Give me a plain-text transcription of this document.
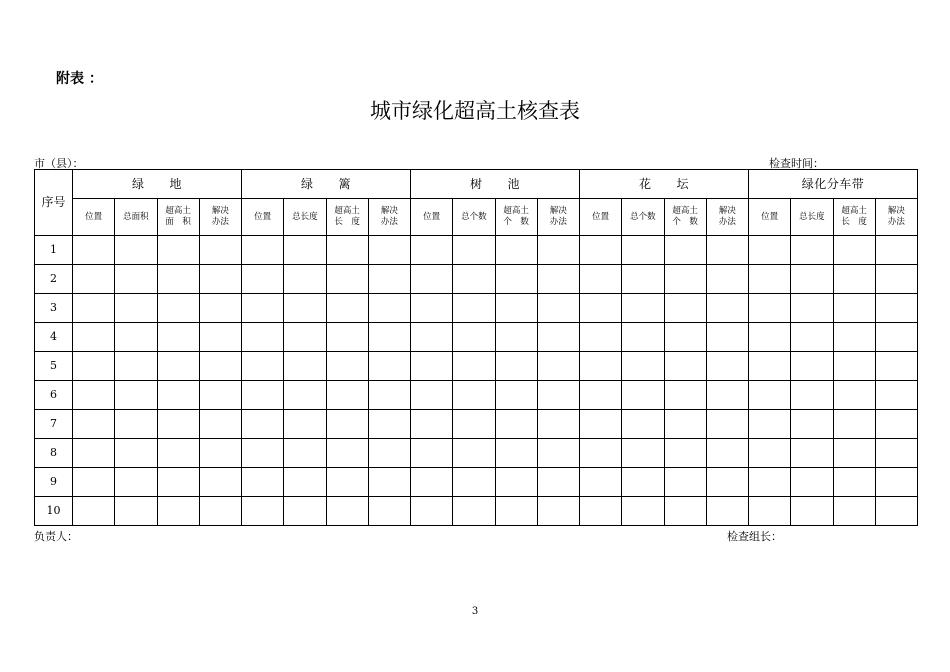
附表 ：
城市绿化超高土核查表
市（县）：	检查时间：
序号	绿　　地				绿　　篱				树　　池				花　　坛				绿化分车带			

	位置	总面积	超高土
面　积	解决
办法	位置	总长度	超高土
长　度	解决
办法	位置	总个数	超高土
个　数	解决
办法	位置	总个数	超高土
个　数	解决
办法	位置	总长度	超高土
长　度	解决
办法

1																				
2																				
3																				
4																				
5																				
6																				
7																				
8																				
9																				
10																				
负责人：	检查组长：
3
